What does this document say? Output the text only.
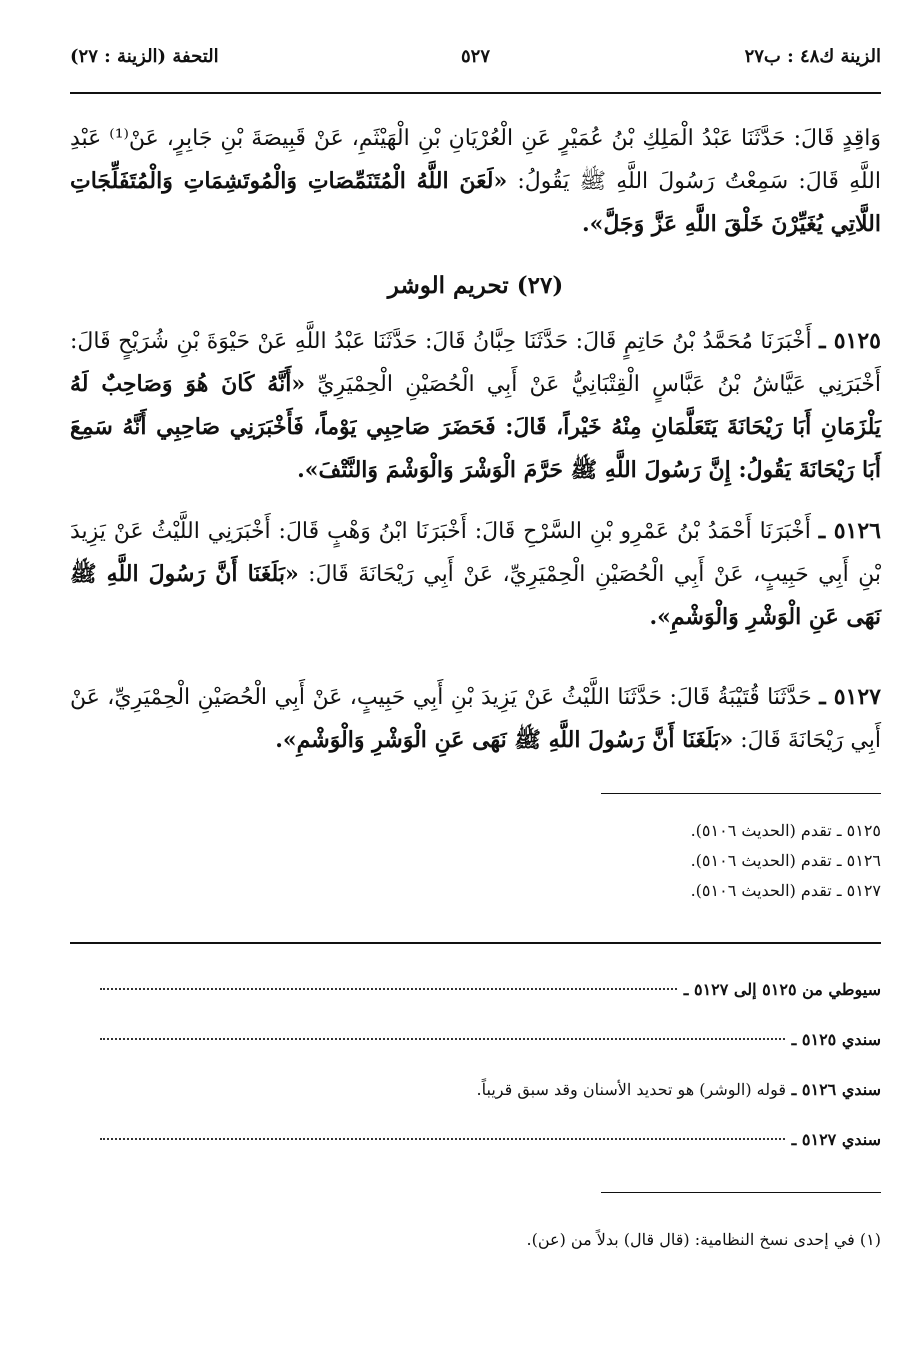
الزينة ك٤٨ : ب٢٧
٥٢٧
التحفة (الزينة : ٢٧)

وَاقِدٍ قَالَ: حَدَّثَنَا عَبْدُ الْمَلِكِ بْنُ عُمَيْرٍ عَنِ الْعُرْيَانِ بْنِ الْهَيْثَمِ، عَنْ قَبِيصَةَ بْنِ جَابِرٍ، عَنْ⁽¹⁾ عَبْدِ اللَّهِ قَالَ: سَمِعْتُ رَسُولَ اللَّهِ ﷺ يَقُولُ: «لَعَنَ اللَّهُ الْمُتَنَمِّصَاتِ وَالْمُوتَشِمَاتِ وَالْمُتَفَلِّجَاتِ اللَّاتِي يُغَيِّرْنَ خَلْقَ اللَّهِ عَزَّ وَجَلَّ».

(٢٧) تحريم الوشر

٥١٢٥ ـ أَخْبَرَنَا مُحَمَّدُ بْنُ حَاتِمٍ قَالَ: حَدَّثَنَا حِبَّانُ قَالَ: حَدَّثَنَا عَبْدُ اللَّهِ عَنْ حَيْوَةَ بْنِ شُرَيْحٍ قَالَ: أَخْبَرَنِي عَيَّاشُ بْنُ عَبَّاسٍ الْقِتْبَانِيُّ عَنْ أَبِي الْحُصَيْنِ الْحِمْيَرِيِّ «أَنَّهُ كَانَ هُوَ وَصَاحِبٌ لَهُ يَلْزَمَانِ أَبَا رَيْحَانَةَ يَتَعَلَّمَانِ مِنْهُ خَيْراً، قَالَ: فَحَضَرَ صَاحِبِي يَوْماً، فَأَخْبَرَنِي صَاحِبِي أَنَّهُ سَمِعَ أَبَا رَيْحَانَةَ يَقُولُ: إِنَّ رَسُولَ اللَّهِ ﷺ حَرَّمَ الْوَشْرَ وَالْوَشْمَ وَالنَّتْفَ».

٥١٢٦ ـ أَخْبَرَنَا أَحْمَدُ بْنُ عَمْرِو بْنِ السَّرْحِ قَالَ: أَخْبَرَنَا ابْنُ وَهْبٍ قَالَ: أَخْبَرَنِي اللَّيْثُ عَنْ يَزِيدَ بْنِ أَبِي حَبِيبٍ، عَنْ أَبِي الْحُصَيْنِ الْحِمْيَرِيِّ، عَنْ أَبِي رَيْحَانَةَ قَالَ: «بَلَغَنَا أَنَّ رَسُولَ اللَّهِ ﷺ نَهَى عَنِ الْوَشْرِ وَالْوَشْمِ».

٥١٢٧ ـ حَدَّثَنَا قُتَيْبَةُ قَالَ: حَدَّثَنَا اللَّيْثُ عَنْ يَزِيدَ بْنِ أَبِي حَبِيبٍ، عَنْ أَبِي الْحُصَيْنِ الْحِمْيَرِيِّ، عَنْ أَبِي رَيْحَانَةَ قَالَ: «بَلَغَنَا أَنَّ رَسُولَ اللَّهِ ﷺ نَهَى عَنِ الْوَشْرِ وَالْوَشْمِ».

٥١٢٥ ـ تقدم (الحديث ٥١٠٦).

٥١٢٦ ـ تقدم (الحديث ٥١٠٦).

٥١٢٧ ـ تقدم (الحديث ٥١٠٦).

سيوطي من ٥١٢٥ إلى ٥١٢٧ ـ
سندي ٥١٢٥ ـ
سندي ٥١٢٦ ـ قوله (الوشر) هو تحديد الأسنان وقد سبق قريباً.
سندي ٥١٢٧ ـ
(١) في إحدى نسخ النظامية: (قال قال) بدلاً من (عن).
